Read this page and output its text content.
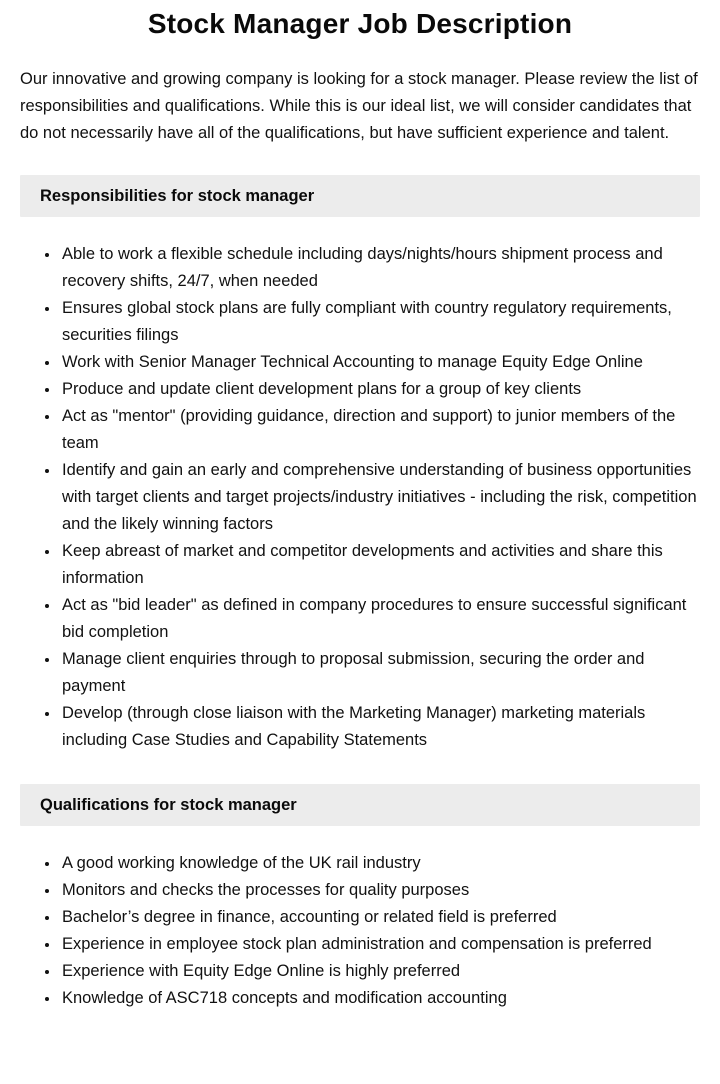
Stock Manager Job Description

Our innovative and growing company is looking for a stock manager. Please review the list of responsibilities and qualifications. While this is our ideal list, we will consider candidates that do not necessarily have all of the qualifications, but have sufficient experience and talent.

Responsibilities for stock manager
• Able to work a flexible schedule including days/nights/hours shipment process and recovery shifts, 24/7, when needed
• Ensures global stock plans are fully compliant with country regulatory requirements, securities filings
• Work with Senior Manager Technical Accounting to manage Equity Edge Online
• Produce and update client development plans for a group of key clients
• Act as "mentor" (providing guidance, direction and support) to junior members of the team
• Identify and gain an early and comprehensive understanding of business opportunities with target clients and target projects/industry initiatives - including the risk, competition and the likely winning factors
• Keep abreast of market and competitor developments and activities and share this information
• Act as "bid leader" as defined in company procedures to ensure successful significant bid completion
• Manage client enquiries through to proposal submission, securing the order and payment
• Develop (through close liaison with the Marketing Manager) marketing materials including Case Studies and Capability Statements
Qualifications for stock manager
• A good working knowledge of the UK rail industry
• Monitors and checks the processes for quality purposes
• Bachelor’s degree in finance, accounting or related field is preferred
• Experience in employee stock plan administration and compensation is preferred
• Experience with Equity Edge Online is highly preferred
• Knowledge of ASC718 concepts and modification accounting
